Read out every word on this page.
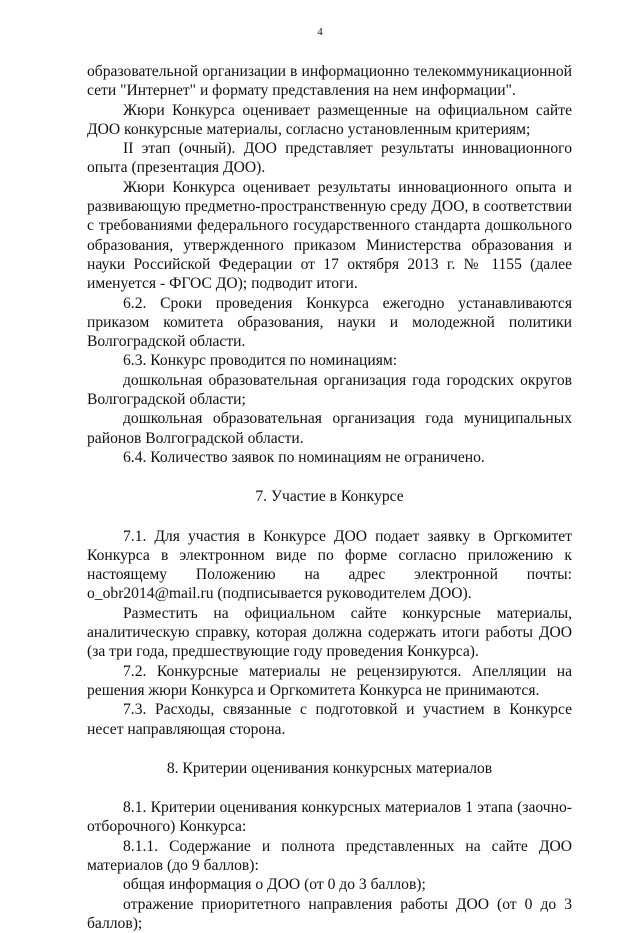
4

образовательной организации в информационно телекоммуникационной сети "Интернет" и формату представления на нем информации".

Жюри Конкурса оценивает размещенные на официальном сайте ДОО конкурсные материалы, согласно установленным критериям;

II этап (очный). ДОО представляет результаты инновационного опыта (презентация ДОО).

Жюри Конкурса оценивает результаты инновационного опыта и развивающую предметно-пространственную среду ДОО, в соответствии с требованиями федерального государственного стандарта дошкольного образования, утвержденного приказом Министерства образования и науки Российской Федерации от 17 октября 2013 г. № 1155 (далее именуется - ФГОС ДО); подводит итоги.

6.2. Сроки проведения Конкурса ежегодно устанавливаются приказом комитета образования, науки и молодежной политики Волгоградской области.

6.3. Конкурс проводится по номинациям:

дошкольная образовательная организация года городских округов Волгоградской области;

дошкольная образовательная организация года муниципальных районов Волгоградской области.

6.4. Количество заявок по номинациям не ограничено.

7. Участие в Конкурсе

7.1. Для участия в Конкурсе ДОО подает заявку в Оргкомитет Конкурса в электронном виде по форме согласно приложению к настоящему Положению на адрес электронной почты: o_obr2014@mail.ru (подписывается руководителем ДОО).

Разместить на официальном сайте конкурсные материалы, аналитическую справку, которая должна содержать итоги работы ДОО (за три года, предшествующие году проведения Конкурса).

7.2. Конкурсные материалы не рецензируются. Апелляции на решения жюри Конкурса и Оргкомитета Конкурса не принимаются.

7.3. Расходы, связанные с подготовкой и участием в Конкурсе несет направляющая сторона.

8. Критерии оценивания конкурсных материалов

8.1. Критерии оценивания конкурсных материалов 1 этапа (заочно-отборочного) Конкурса:

8.1.1. Содержание и полнота представленных на сайте ДОО материалов (до 9 баллов):

общая информация о ДОО (от 0 до 3 баллов);

отражение приоритетного направления работы ДОО (от 0 до 3 баллов);
